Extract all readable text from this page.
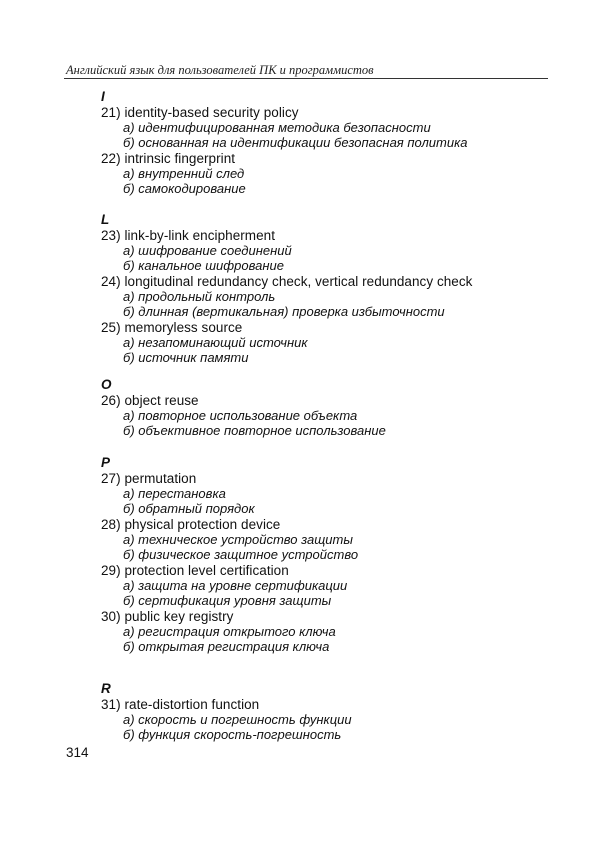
Английский язык для пользователей ПК и программистов
I
21) identity-based security policy
а) идентифицированная методика безопасности
б) основанная на идентификации безопасная политика
22) intrinsic fingerprint
а) внутренний след
б) самокодирование
L
23) link-by-link encipherment
а) шифрование соединений
б) канальное шифрование
24) longitudinal redundancy check, vertical redundancy check
а) продольный контроль
б) длинная (вертикальная) проверка избыточности
25) memoryless source
а) незапоминающий источник
б) источник памяти
O
26) object reuse
а) повторное использование объекта
б) объективное повторное использование
P
27) permutation
а) перестановка
б) обратный порядок
28) physical protection device
а) техническое устройство защиты
б) физическое защитное устройство
29) protection level certification
а) защита на уровне сертификации
б) сертификация уровня защиты
30) public key registry
а) регистрация открытого ключа
б) открытая регистрация ключа
R
31) rate-distortion function
а) скорость и погрешность функции
б) функция скорость-погрешность
314
